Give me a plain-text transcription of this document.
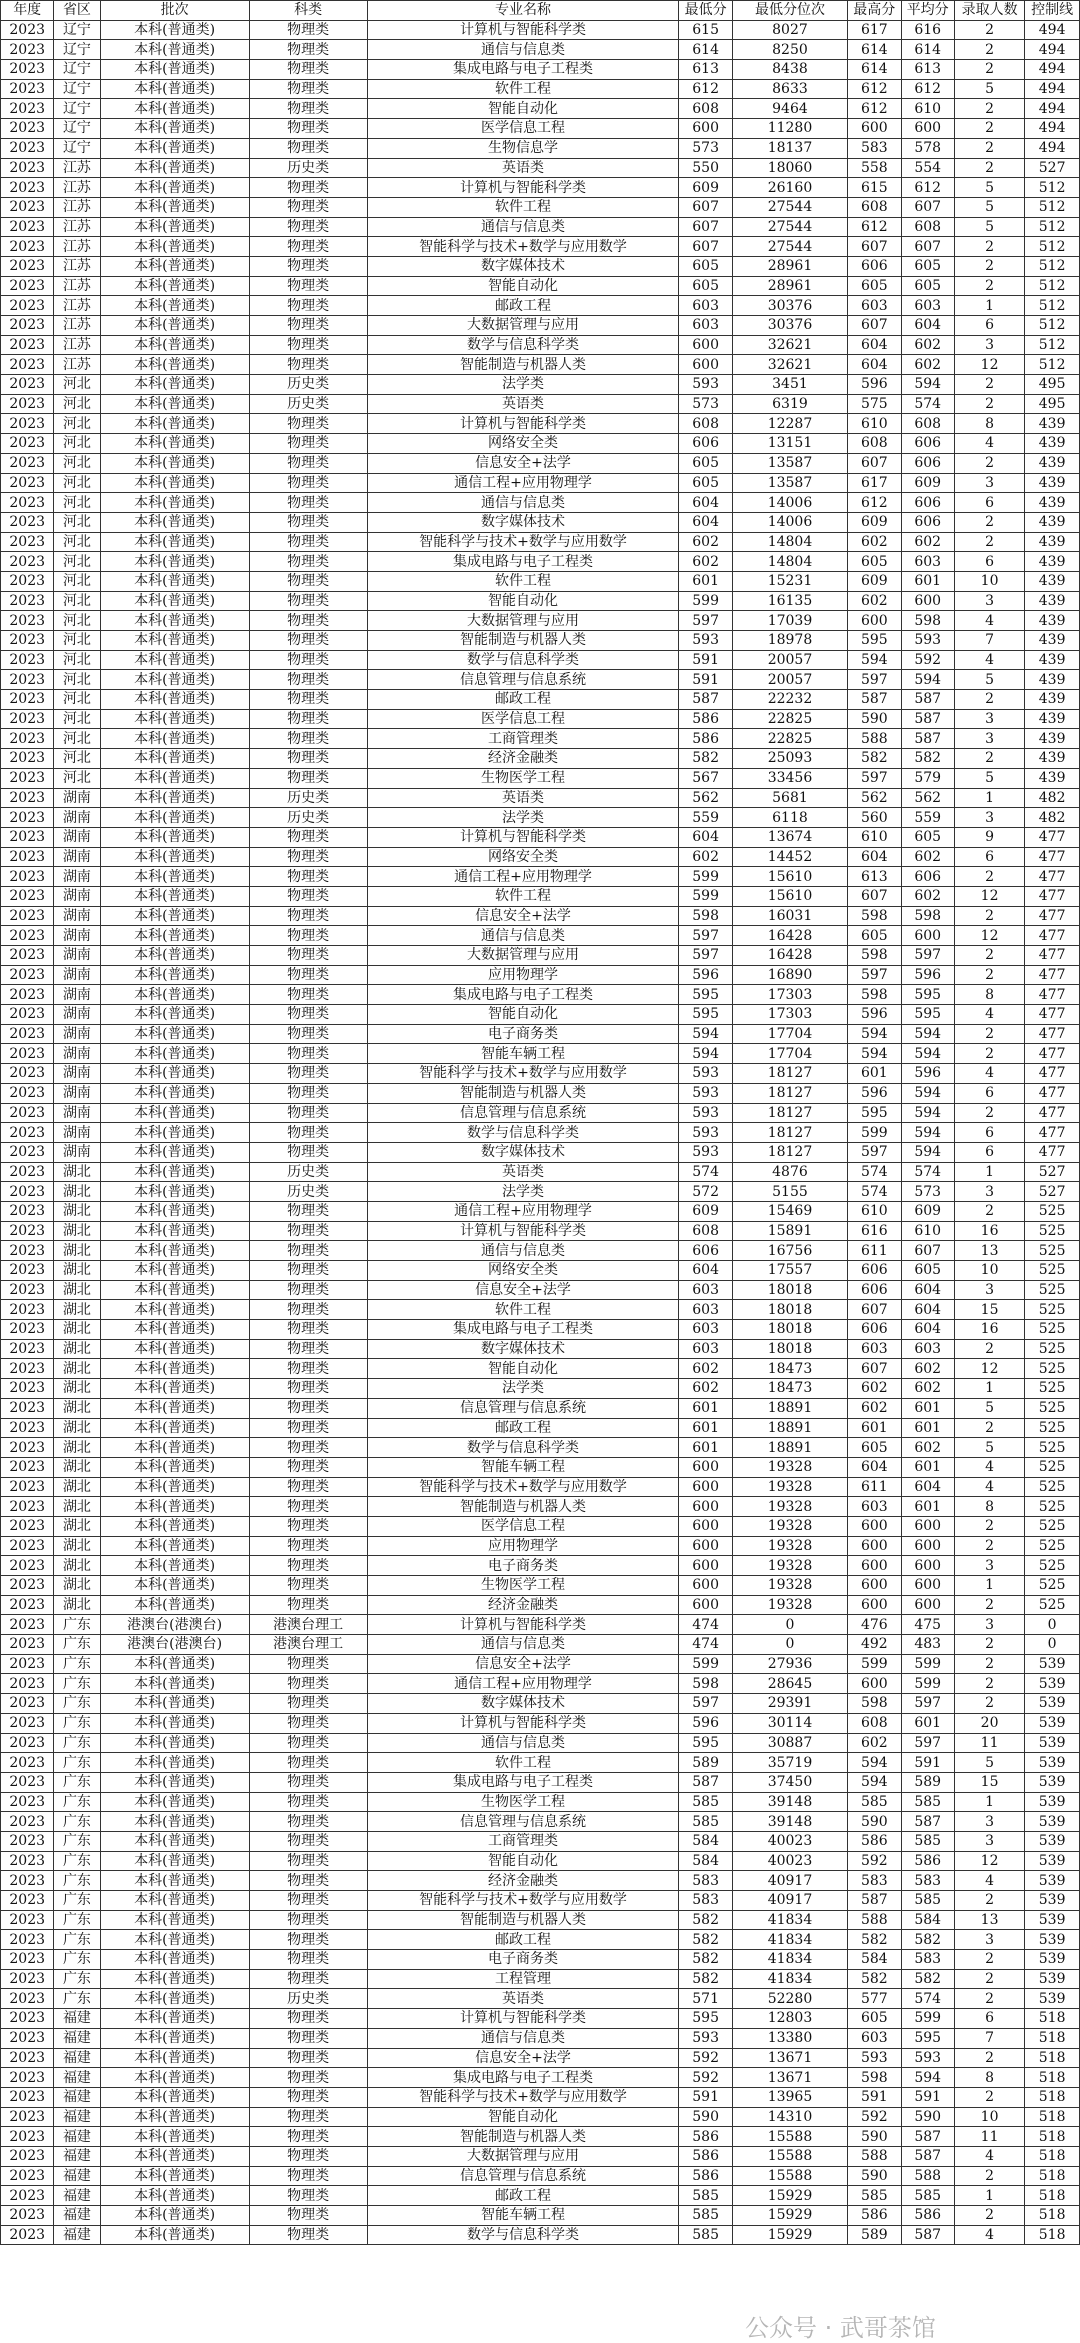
年度	省区	批次	科类	专业名称	最低分	最低分位次	最高分	平均分	录取人数	控制线
2023	辽宁	本科(普通类)	物理类	计算机与智能科学类	615	8027	617	616	2	494
2023	辽宁	本科(普通类)	物理类	通信与信息类	614	8250	614	614	2	494
2023	辽宁	本科(普通类)	物理类	集成电路与电子工程类	613	8438	614	613	2	494
2023	辽宁	本科(普通类)	物理类	软件工程	612	8633	612	612	5	494
2023	辽宁	本科(普通类)	物理类	智能自动化	608	9464	612	610	2	494
2023	辽宁	本科(普通类)	物理类	医学信息工程	600	11280	600	600	2	494
2023	辽宁	本科(普通类)	物理类	生物信息学	573	18137	583	578	2	494
2023	江苏	本科(普通类)	历史类	英语类	550	18060	558	554	2	527
2023	江苏	本科(普通类)	物理类	计算机与智能科学类	609	26160	615	612	5	512
2023	江苏	本科(普通类)	物理类	软件工程	607	27544	608	607	5	512
2023	江苏	本科(普通类)	物理类	通信与信息类	607	27544	612	608	5	512
2023	江苏	本科(普通类)	物理类	智能科学与技术+数学与应用数学	607	27544	607	607	2	512
2023	江苏	本科(普通类)	物理类	数字媒体技术	605	28961	606	605	2	512
2023	江苏	本科(普通类)	物理类	智能自动化	605	28961	605	605	2	512
2023	江苏	本科(普通类)	物理类	邮政工程	603	30376	603	603	1	512
2023	江苏	本科(普通类)	物理类	大数据管理与应用	603	30376	607	604	6	512
2023	江苏	本科(普通类)	物理类	数学与信息科学类	600	32621	604	602	3	512
2023	江苏	本科(普通类)	物理类	智能制造与机器人类	600	32621	604	602	12	512
2023	河北	本科(普通类)	历史类	法学类	593	3451	596	594	2	495
2023	河北	本科(普通类)	历史类	英语类	573	6319	575	574	2	495
2023	河北	本科(普通类)	物理类	计算机与智能科学类	608	12287	610	608	8	439
2023	河北	本科(普通类)	物理类	网络安全类	606	13151	608	606	4	439
2023	河北	本科(普通类)	物理类	信息安全+法学	605	13587	607	606	2	439
2023	河北	本科(普通类)	物理类	通信工程+应用物理学	605	13587	617	609	3	439
2023	河北	本科(普通类)	物理类	通信与信息类	604	14006	612	606	6	439
2023	河北	本科(普通类)	物理类	数字媒体技术	604	14006	609	606	2	439
2023	河北	本科(普通类)	物理类	智能科学与技术+数学与应用数学	602	14804	602	602	2	439
2023	河北	本科(普通类)	物理类	集成电路与电子工程类	602	14804	605	603	6	439
2023	河北	本科(普通类)	物理类	软件工程	601	15231	609	601	10	439
2023	河北	本科(普通类)	物理类	智能自动化	599	16135	602	600	3	439
2023	河北	本科(普通类)	物理类	大数据管理与应用	597	17039	600	598	4	439
2023	河北	本科(普通类)	物理类	智能制造与机器人类	593	18978	595	593	7	439
2023	河北	本科(普通类)	物理类	数学与信息科学类	591	20057	594	592	4	439
2023	河北	本科(普通类)	物理类	信息管理与信息系统	591	20057	597	594	5	439
2023	河北	本科(普通类)	物理类	邮政工程	587	22232	587	587	2	439
2023	河北	本科(普通类)	物理类	医学信息工程	586	22825	590	587	3	439
2023	河北	本科(普通类)	物理类	工商管理类	586	22825	588	587	3	439
2023	河北	本科(普通类)	物理类	经济金融类	582	25093	582	582	2	439
2023	河北	本科(普通类)	物理类	生物医学工程	567	33456	597	579	5	439
2023	湖南	本科(普通类)	历史类	英语类	562	5681	562	562	1	482
2023	湖南	本科(普通类)	历史类	法学类	559	6118	560	559	3	482
2023	湖南	本科(普通类)	物理类	计算机与智能科学类	604	13674	610	605	9	477
2023	湖南	本科(普通类)	物理类	网络安全类	602	14452	604	602	6	477
2023	湖南	本科(普通类)	物理类	通信工程+应用物理学	599	15610	613	606	2	477
2023	湖南	本科(普通类)	物理类	软件工程	599	15610	607	602	12	477
2023	湖南	本科(普通类)	物理类	信息安全+法学	598	16031	598	598	2	477
2023	湖南	本科(普通类)	物理类	通信与信息类	597	16428	605	600	12	477
2023	湖南	本科(普通类)	物理类	大数据管理与应用	597	16428	598	597	2	477
2023	湖南	本科(普通类)	物理类	应用物理学	596	16890	597	596	2	477
2023	湖南	本科(普通类)	物理类	集成电路与电子工程类	595	17303	598	595	8	477
2023	湖南	本科(普通类)	物理类	智能自动化	595	17303	596	595	4	477
2023	湖南	本科(普通类)	物理类	电子商务类	594	17704	594	594	2	477
2023	湖南	本科(普通类)	物理类	智能车辆工程	594	17704	594	594	2	477
2023	湖南	本科(普通类)	物理类	智能科学与技术+数学与应用数学	593	18127	601	596	4	477
2023	湖南	本科(普通类)	物理类	智能制造与机器人类	593	18127	596	594	6	477
2023	湖南	本科(普通类)	物理类	信息管理与信息系统	593	18127	595	594	2	477
2023	湖南	本科(普通类)	物理类	数学与信息科学类	593	18127	599	594	6	477
2023	湖南	本科(普通类)	物理类	数字媒体技术	593	18127	597	594	6	477
2023	湖北	本科(普通类)	历史类	英语类	574	4876	574	574	1	527
2023	湖北	本科(普通类)	历史类	法学类	572	5155	574	573	3	527
2023	湖北	本科(普通类)	物理类	通信工程+应用物理学	609	15469	610	609	2	525
2023	湖北	本科(普通类)	物理类	计算机与智能科学类	608	15891	616	610	16	525
2023	湖北	本科(普通类)	物理类	通信与信息类	606	16756	611	607	13	525
2023	湖北	本科(普通类)	物理类	网络安全类	604	17557	606	605	10	525
2023	湖北	本科(普通类)	物理类	信息安全+法学	603	18018	606	604	3	525
2023	湖北	本科(普通类)	物理类	软件工程	603	18018	607	604	15	525
2023	湖北	本科(普通类)	物理类	集成电路与电子工程类	603	18018	606	604	16	525
2023	湖北	本科(普通类)	物理类	数字媒体技术	603	18018	603	603	2	525
2023	湖北	本科(普通类)	物理类	智能自动化	602	18473	607	602	12	525
2023	湖北	本科(普通类)	物理类	法学类	602	18473	602	602	1	525
2023	湖北	本科(普通类)	物理类	信息管理与信息系统	601	18891	602	601	5	525
2023	湖北	本科(普通类)	物理类	邮政工程	601	18891	601	601	2	525
2023	湖北	本科(普通类)	物理类	数学与信息科学类	601	18891	605	602	5	525
2023	湖北	本科(普通类)	物理类	智能车辆工程	600	19328	604	601	4	525
2023	湖北	本科(普通类)	物理类	智能科学与技术+数学与应用数学	600	19328	611	604	4	525
2023	湖北	本科(普通类)	物理类	智能制造与机器人类	600	19328	603	601	8	525
2023	湖北	本科(普通类)	物理类	医学信息工程	600	19328	600	600	2	525
2023	湖北	本科(普通类)	物理类	应用物理学	600	19328	600	600	2	525
2023	湖北	本科(普通类)	物理类	电子商务类	600	19328	600	600	3	525
2023	湖北	本科(普通类)	物理类	生物医学工程	600	19328	600	600	1	525
2023	湖北	本科(普通类)	物理类	经济金融类	600	19328	600	600	2	525
2023	广东	港澳台(港澳台)	港澳台理工	计算机与智能科学类	474	0	476	475	3	0
2023	广东	港澳台(港澳台)	港澳台理工	通信与信息类	474	0	492	483	2	0
2023	广东	本科(普通类)	物理类	信息安全+法学	599	27936	599	599	2	539
2023	广东	本科(普通类)	物理类	通信工程+应用物理学	598	28645	600	599	2	539
2023	广东	本科(普通类)	物理类	数字媒体技术	597	29391	598	597	2	539
2023	广东	本科(普通类)	物理类	计算机与智能科学类	596	30114	608	601	20	539
2023	广东	本科(普通类)	物理类	通信与信息类	595	30887	602	597	11	539
2023	广东	本科(普通类)	物理类	软件工程	589	35719	594	591	5	539
2023	广东	本科(普通类)	物理类	集成电路与电子工程类	587	37450	594	589	15	539
2023	广东	本科(普通类)	物理类	生物医学工程	585	39148	585	585	1	539
2023	广东	本科(普通类)	物理类	信息管理与信息系统	585	39148	590	587	3	539
2023	广东	本科(普通类)	物理类	工商管理类	584	40023	586	585	3	539
2023	广东	本科(普通类)	物理类	智能自动化	584	40023	592	586	12	539
2023	广东	本科(普通类)	物理类	经济金融类	583	40917	583	583	4	539
2023	广东	本科(普通类)	物理类	智能科学与技术+数学与应用数学	583	40917	587	585	2	539
2023	广东	本科(普通类)	物理类	智能制造与机器人类	582	41834	588	584	13	539
2023	广东	本科(普通类)	物理类	邮政工程	582	41834	582	582	3	539
2023	广东	本科(普通类)	物理类	电子商务类	582	41834	584	583	2	539
2023	广东	本科(普通类)	物理类	工程管理	582	41834	582	582	2	539
2023	广东	本科(普通类)	历史类	英语类	571	52280	577	574	2	539
2023	福建	本科(普通类)	物理类	计算机与智能科学类	595	12803	605	599	6	518
2023	福建	本科(普通类)	物理类	通信与信息类	593	13380	603	595	7	518
2023	福建	本科(普通类)	物理类	信息安全+法学	592	13671	593	593	2	518
2023	福建	本科(普通类)	物理类	集成电路与电子工程类	592	13671	598	594	8	518
2023	福建	本科(普通类)	物理类	智能科学与技术+数学与应用数学	591	13965	591	591	2	518
2023	福建	本科(普通类)	物理类	智能自动化	590	14310	592	590	10	518
2023	福建	本科(普通类)	物理类	智能制造与机器人类	586	15588	590	587	11	518
2023	福建	本科(普通类)	物理类	大数据管理与应用	586	15588	588	587	4	518
2023	福建	本科(普通类)	物理类	信息管理与信息系统	586	15588	590	588	2	518
2023	福建	本科(普通类)	物理类	邮政工程	585	15929	585	585	1	518
2023	福建	本科(普通类)	物理类	智能车辆工程	585	15929	586	586	2	518
2023	福建	本科(普通类)	物理类	数学与信息科学类	585	15929	589	587	4	518
公众号 · 武哥茶馆
